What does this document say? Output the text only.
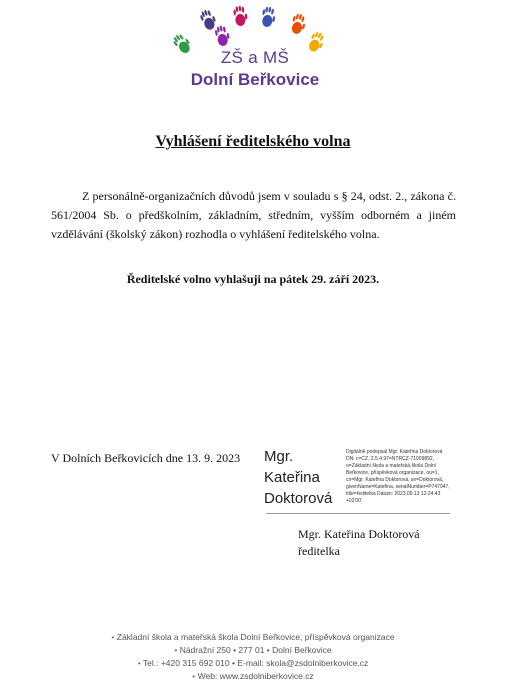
ZŠ a MŠ
Dolní Beřkovice
Vyhlášení ředitelského volna
Z personálně-organizačních důvodů jsem v souladu s § 24, odst. 2., zákona č. 561/2004 Sb. o předškolním, základním, středním, vyšším odborném a jiném vzdělávání (školský zákon) rozhodla o vyhlášení ředitelského volna.
Ředitelské volno vyhlašuji na pátek 29. září 2023.
V Dolních Beřkovicích dne 13. 9. 2023 Mgr.
Kateřina
Doktorová
Digitálně podepsal Mgr. Kateřina Doktorová DN: c=CZ, 2.5.4.97=NTRCZ-71009892, o=Základní škola a mateřská škola Dolní Beřkovice, příspěvková organizace, ou=1, cn=Mgr. Kateřina Doktorová, sn=Doktorová, givenName=Kateřina, serialNumber=P747947, title=ředitelka Datum: 2023.09.13 12:24:43 +02'00'
Mgr. Kateřina Doktorová
ředitelka
• Základní škola a mateřská škola Dolní Beřkovice, příspěvková organizace
• Nádražní 250 • 277 01 • Dolní Beřkovice
• Tel.: +420 315 692 010 • E-mail: skola@zsdolniberkovice.cz
• Web: www.zsdolniberkovice.cz
